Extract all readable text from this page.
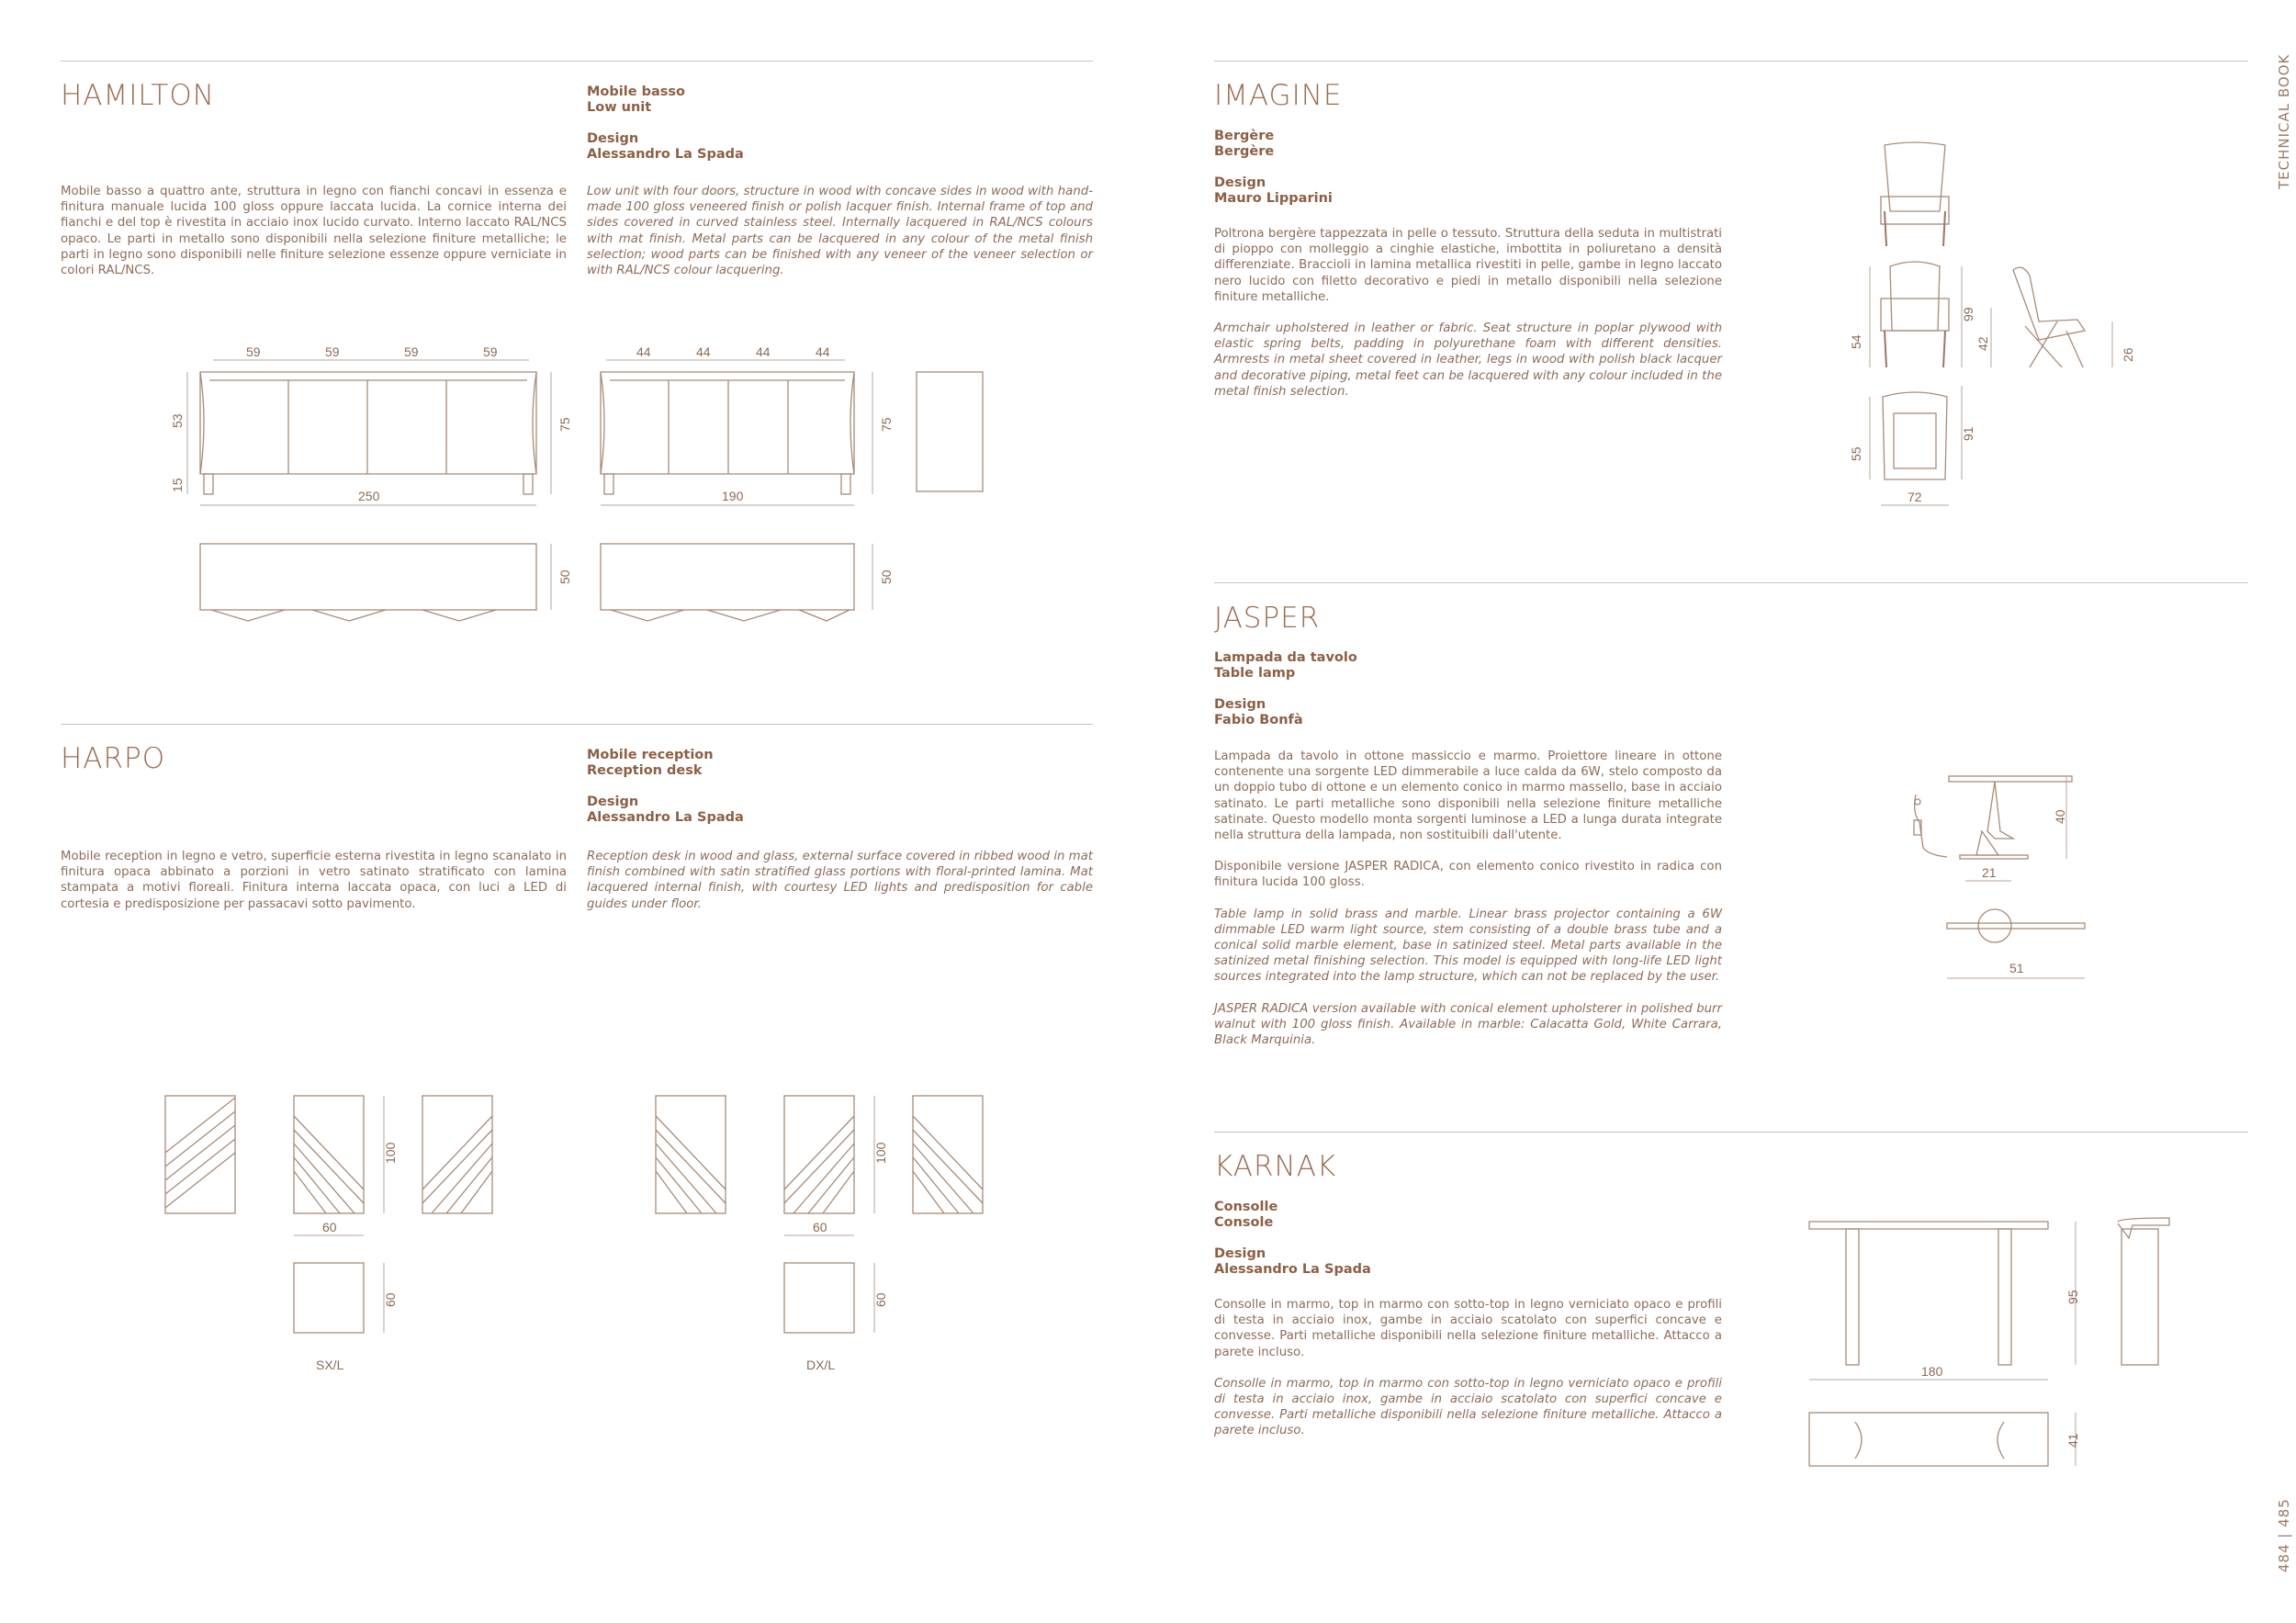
TECHNICAL BOOK
484 | 485
HAMILTON	Mobile basso
Low unit
Design
Alessandro La Spada
Mobile basso a quattro ante, struttura in legno con fianchi concavi in essenza e finitura manuale lucida 100 gloss oppure laccata lucida. La cornice interna dei fianchi e del top è rivestita in acciaio inox lucido curvato. Interno laccato RAL/NCS opaco. Le parti in metallo sono disponibili nella selezione finiture metalliche; le parti in legno sono disponibili nelle finiture selezione essenze oppure verniciate in colori RAL/NCS.
Low unit with four doors, structure in wood with concave sides in wood with hand-made 100 gloss veneered finish or polish lacquer finish. Internal frame of top and sides covered in curved stainless steel. Internally lacquered in RAL/NCS colours with mat finish. Metal parts can be lacquered in any colour of the metal finish selection; wood parts can be finished with any veneer of the veneer selection or with RAL/NCS colour lacquering.
59	59	59	59
53
15
75
250
44	44	44	44
75
190
50	50
HARPO	Mobile reception
Reception desk
Design
Alessandro La Spada
Mobile reception in legno e vetro, superficie esterna rivestita in legno scanalato in finitura opaca abbinato a porzioni in vetro satinato stratificato con lamina stampata a motivi floreali. Finitura interna laccata opaca, con luci a LED di cortesia e predisposizione per passacavi sotto pavimento.
Reception desk in wood and glass, external surface covered in ribbed wood in mat finish combined with satin stratified glass portions with floral-printed lamina. Mat lacquered internal finish, with courtesy LED lights and predisposition for cable guides under floor.
100
60
60
SX/L
100
60
60
DX/L
IMAGINE
Bergère
Bergère
Design
Mauro Lipparini

Poltrona bergère tappezzata in pelle o tessuto. Struttura della seduta in multistrati di pioppo con molleggio a cinghie elastiche, imbottita in poliuretano a densità differenziate. Braccioli in lamina metallica rivestiti in pelle, gambe in legno laccato nero lucido con filetto decorativo e piedi in metallo disponibili nella selezione finiture metalliche.

Armchair upholstered in leather or fabric. Seat structure in poplar plywood with elastic spring belts, padding in polyurethane foam with different densities. Armrests in metal sheet covered in leather, legs in wood with polish black lacquer and decorative piping, metal feet can be lacquered with any colour included in the metal finish selection.

54
99
42
26
55
91
72
JASPER
Lampada da tavolo
Table lamp
Design
Fabio Bonfà

Lampada da tavolo in ottone massiccio e marmo. Proiettore lineare in ottone contenente una sorgente LED dimmerabile a luce calda da 6W, stelo composto da un doppio tubo di ottone e un elemento conico in marmo massello, base in acciaio satinato. Le parti metalliche sono disponibili nella selezione finiture metalliche satinate. Questo modello monta sorgenti luminose a LED a lunga durata integrate nella struttura della lampada, non sostituibili dall'utente.

Disponibile versione JASPER RADICA, con elemento conico rivestito in radica con finitura lucida 100 gloss.

Table lamp in solid brass and marble. Linear brass projector containing a 6W dimmable LED warm light source, stem consisting of a double brass tube and a conical solid marble element, base in satinized steel. Metal parts available in the satinized metal finishing selection. This model is equipped with long-life LED light sources integrated into the lamp structure, which can not be replaced by the user.

JASPER RADICA version available with conical element upholsterer in polished burr walnut with 100 gloss finish. Available in marble: Calacatta Gold, White Carrara, Black Marquinia.

40
21
51
KARNAK
Consolle
Console
Design
Alessandro La Spada

Consolle in marmo, top in marmo con sotto-top in legno verniciato opaco e profili di testa in acciaio inox, gambe in acciaio scatolato con superfici concave e convesse. Parti metalliche disponibili nella selezione finiture metalliche. Attacco a parete incluso.

Consolle in marmo, top in marmo con sotto-top in legno verniciato opaco e profili di testa in acciaio inox, gambe in acciaio scatolato con superfici concave e convesse. Parti metalliche disponibili nella selezione finiture metalliche. Attacco a parete incluso.

95
180
41
